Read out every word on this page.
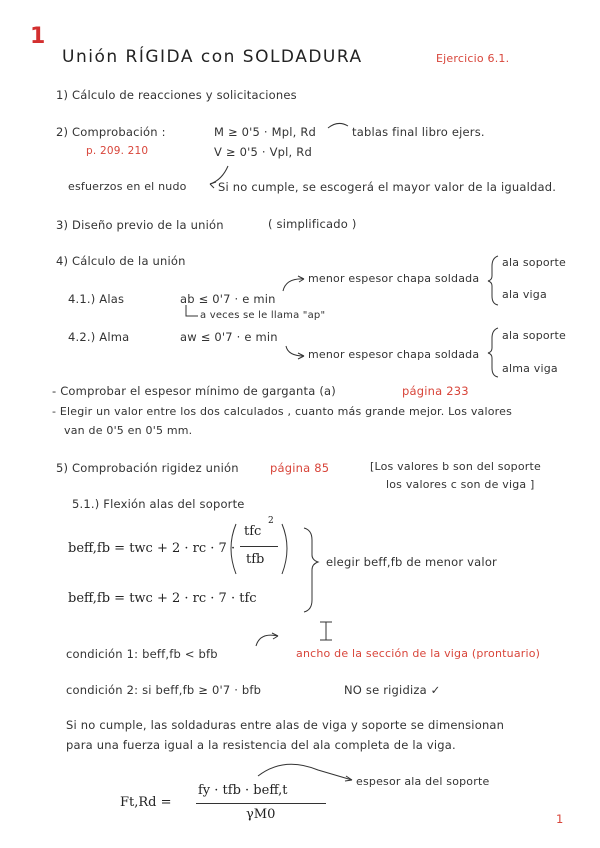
1
Unión RÍGIDA con SOLDADURA	Ejercicio 6.1.
1) Cálculo de reacciones y solicitaciones
2) Comprobación :	M ≥ 0'5 · Mpl, Rd	tablas final libro ejers.
p. 209. 210	V ≥ 0'5 · Vpl, Rd
esfuerzos en el nudo	Si no cumple, se escogerá el mayor valor de la igualdad.
3) Diseño previo de la unión	( simplificado )
4) Cálculo de la unión
menor espesor chapa soldada
ala soporte
ala viga
4.1.) Alas	ab ≤ 0'7 · e min
a veces se le llama "ap"
4.2.) Alma	aw ≤ 0'7 · e min
menor espesor chapa soldada
ala soporte
alma viga
- Comprobar el espesor mínimo de garganta (a)	página 233
- Elegir un valor entre los dos calculados , cuanto más grande mejor. Los valores
van de 0'5 en 0'5 mm.
5) Comprobación rigidez unión	página 85	[Los valores b son del soporte
los valores c son de viga ]
5.1.) Flexión alas del soporte
beff,fb = twc + 2 · rc · 7 ·
tfc
2
tfb
beff,fb = twc + 2 · rc · 7 · tfc
elegir beff,fb de menor valor
condición 1: beff,fb < bfb	ancho de la sección de la viga (prontuario)
condición 2: si beff,fb ≥ 0'7 · bfb	NO se rigidiza ✓
Si no cumple, las soldaduras entre alas de viga y soporte se dimensionan
para una fuerza igual a la resistencia del ala completa de la viga.
Ft,Rd =
fy · tfb · beff,t
γM0
espesor ala del soporte
1
